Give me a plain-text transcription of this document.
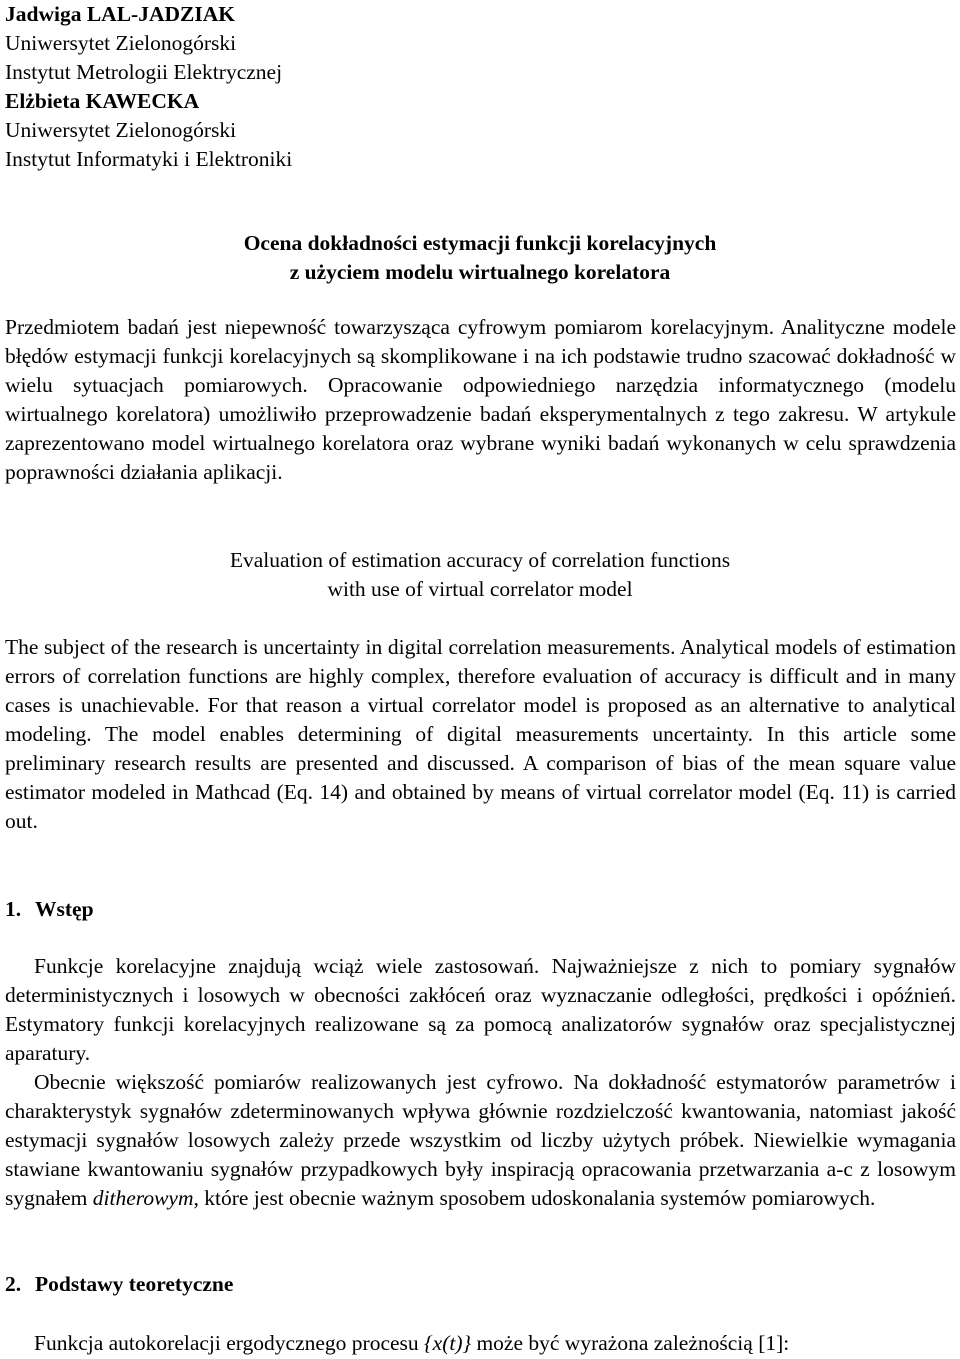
Jadwiga LAL-JADZIAK
Uniwersytet Zielonogórski
Instytut Metrologii Elektrycznej
Elżbieta KAWECKA
Uniwersytet Zielonogórski
Instytut Informatyki i Elektroniki
Ocena dokładności estymacji funkcji korelacyjnych
z użyciem modelu wirtualnego korelatora
Przedmiotem badań jest niepewność towarzysząca cyfrowym pomiarom korelacyjnym. Analityczne modele błędów estymacji funkcji korelacyjnych są skomplikowane i na ich podstawie trudno szacować dokładność w wielu sytuacjach pomiarowych. Opracowanie odpowiedniego narzędzia informatycznego (modelu wirtualnego korelatora) umożliwiło przeprowadzenie badań eksperymentalnych z tego zakresu. W artykule zaprezentowano model wirtualnego korelatora oraz wybrane wyniki badań wykonanych w celu sprawdzenia poprawności działania aplikacji.
Evaluation of estimation accuracy of correlation functions
with use of virtual correlator model
The subject of the research is uncertainty in digital correlation measurements. Analytical models of estimation errors of correlation functions are highly complex, therefore evaluation of accuracy is difficult and in many cases is unachievable. For that reason a virtual correlator model is proposed as an alternative to analytical modeling. The model enables determining of digital measurements uncertainty. In this article some preliminary research results are presented and discussed. A comparison of bias of the mean square value estimator modeled in Mathcad (Eq. 14) and obtained by means of virtual correlator model (Eq. 11) is carried out.
1. Wstęp

Funkcje korelacyjne znajdują wciąż wiele zastosowań. Najważniejsze z nich to pomiary sygnałów deterministycznych i losowych w obecności zakłóceń oraz wyznaczanie odległości, prędkości i opóźnień. Estymatory funkcji korelacyjnych realizowane są za pomocą analizatorów sygnałów oraz specjalistycznej aparatury.

Obecnie większość pomiarów realizowanych jest cyfrowo. Na dokładność estymatorów parametrów i charakterystyk sygnałów zdeterminowanych wpływa głównie rozdzielczość kwantowania, natomiast jakość estymacji sygnałów losowych zależy przede wszystkim od liczby użytych próbek. Niewielkie wymagania stawiane kwantowaniu sygnałów przypadkowych były inspiracją opracowania przetwarzania a-c z losowym sygnałem ditherowym, które jest obecnie ważnym sposobem udoskonalania systemów pomiarowych.

2. Podstawy teoretyczne
Funkcja autokorelacji ergodycznego procesu {x(t)} może być wyrażona zależnością [1]:
